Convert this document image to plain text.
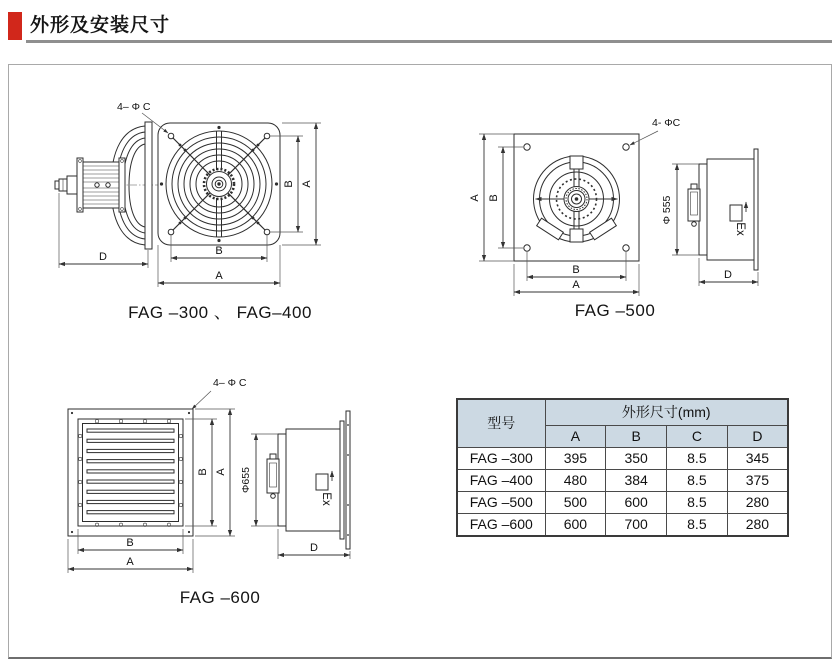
外形及安装尺寸
D
4– Φ C
B
A
B A
FAG –300 、 FAG–400
4- ΦC
A B
B
A
Ex
Φ 555
D
FAG –500
4– Φ C
B A
B
A
Ex
Φ655
D
FAG –600
型号	外形尺寸(mm)			
	A	B	C	D
FAG –300	395	350	8.5	345
FAG –400	480	384	8.5	375
FAG –500	500	600	8.5	280
FAG –600	600	700	8.5	280
